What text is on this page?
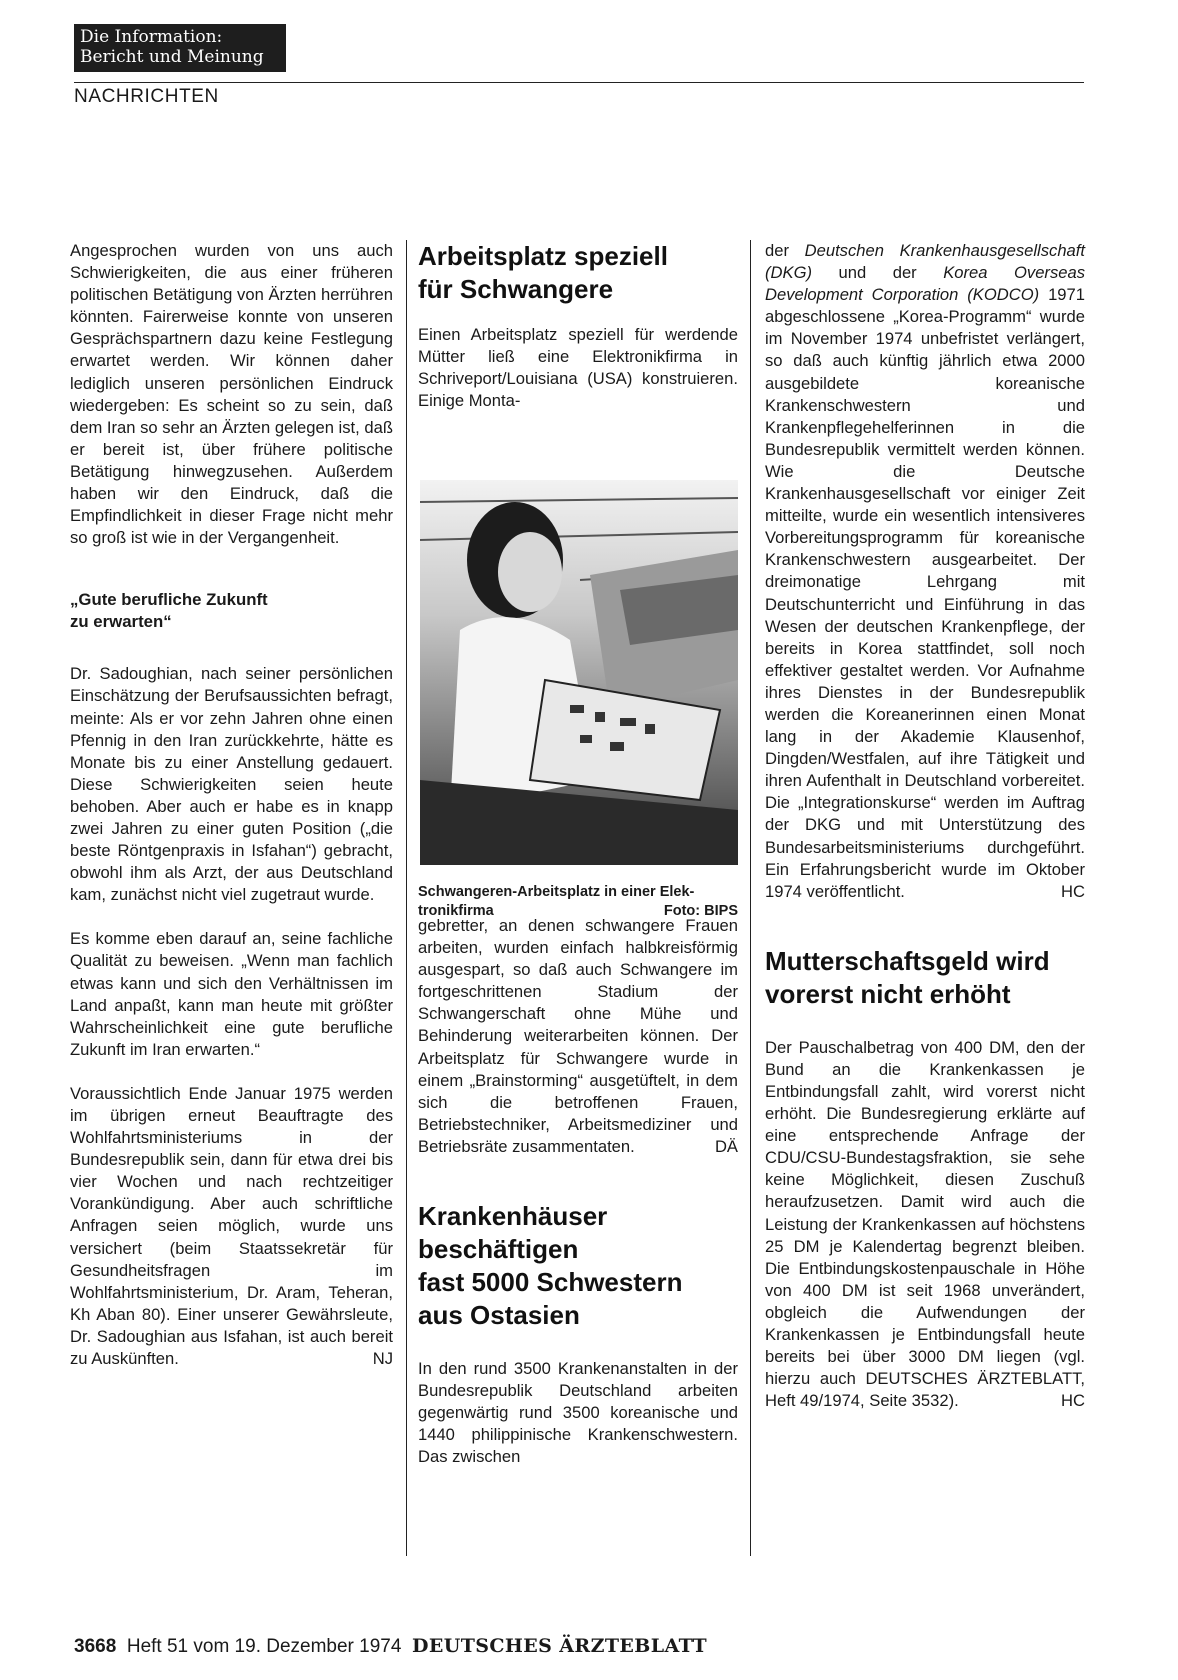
Die Information:
Bericht und Meinung
NACHRICHTEN

Angesprochen wurden von uns auch Schwierigkeiten, die aus einer früheren politischen Betätigung von Ärzten herrühren könnten. Fairerweise konnte von unseren Gesprächspartnern dazu keine Festlegung erwartet werden. Wir können daher lediglich unseren persönlichen Eindruck wiedergeben: Es scheint so zu sein, daß dem Iran so sehr an Ärzten gelegen ist, daß er bereit ist, über frühere politische Betätigung hinwegzusehen. Außerdem haben wir den Eindruck, daß die Empfindlichkeit in dieser Frage nicht mehr so groß ist wie in der Vergangenheit.

„Gute berufliche Zukunft
zu erwarten“

Dr. Sadoughian, nach seiner persönlichen Einschätzung der Berufsaussichten befragt, meinte: Als er vor zehn Jahren ohne einen Pfennig in den Iran zurückkehrte, hätte es Monate bis zu einer Anstellung gedauert. Diese Schwierigkeiten seien heute behoben. Aber auch er habe es in knapp zwei Jahren zu einer guten Position („die beste Röntgenpraxis in Isfahan“) gebracht, obwohl ihm als Arzt, der aus Deutschland kam, zunächst nicht viel zugetraut wurde.

Es komme eben darauf an, seine fachliche Qualität zu beweisen. „Wenn man fachlich etwas kann und sich den Verhältnissen im Land anpaßt, kann man heute mit größter Wahrscheinlichkeit eine gute berufliche Zukunft im Iran erwarten.“

Voraussichtlich Ende Januar 1975 werden im übrigen erneut Beauftragte des Wohlfahrtsministeriums in der Bundesrepublik sein, dann für etwa drei bis vier Wochen und nach rechtzeitiger Vorankündigung. Aber auch schriftliche Anfragen seien möglich, wurde uns versichert (beim Staatssekretär für Gesundheitsfragen im Wohlfahrtsministerium, Dr. Aram, Teheran, Kh Aban 80). Einer unserer Gewährsleute, Dr. Sadoughian aus Isfahan, ist auch bereit zu Auskünften.	NJ

Arbeitsplatz speziell
für Schwangere

Einen Arbeitsplatz speziell für werdende Mütter ließ eine Elektronikfirma in Schriveport/Louisiana (USA) konstruieren. Einige Monta-

Schwangeren-Arbeitsplatz in einer Elek-
tronikfirma	Foto: BIPS

gebretter, an denen schwangere Frauen arbeiten, wurden einfach halbkreisförmig ausgespart, so daß auch Schwangere im fortgeschrittenen Stadium der Schwangerschaft ohne Mühe und Behinderung weiterarbeiten können. Der Arbeitsplatz für Schwangere wurde in einem „Brainstorming“ ausgetüftelt, in dem sich die betroffenen Frauen, Betriebstechniker, Arbeitsmediziner und Betriebsräte zusammentaten.	DÄ

Krankenhäuser
beschäftigen
fast 5000 Schwestern
aus Ostasien

In den rund 3500 Krankenanstalten in der Bundesrepublik Deutschland arbeiten gegenwärtig rund 3500 koreanische und 1440 philippinische Krankenschwestern. Das zwischen

der Deutschen Krankenhausgesellschaft (DKG) und der Korea Overseas Development Corporation (KODCO) 1971 abgeschlossene „Korea-Programm“ wurde im November 1974 unbefristet verlängert, so daß auch künftig jährlich etwa 2000 ausgebildete koreanische Krankenschwestern und Krankenpflegehelferinnen in die Bundesrepublik vermittelt werden können. Wie die Deutsche Krankenhausgesellschaft vor einiger Zeit mitteilte, wurde ein wesentlich intensiveres Vorbereitungsprogramm für koreanische Krankenschwestern ausgearbeitet. Der dreimonatige Lehrgang mit Deutschunterricht und Einführung in das Wesen der deutschen Krankenpflege, der bereits in Korea stattfindet, soll noch effektiver gestaltet werden. Vor Aufnahme ihres Dienstes in der Bundesrepublik werden die Koreanerinnen einen Monat lang in der Akademie Klausenhof, Dingden/Westfalen, auf ihre Tätigkeit und ihren Aufenthalt in Deutschland vorbereitet. Die „Integrationskurse“ werden im Auftrag der DKG und mit Unterstützung des Bundesarbeitsministeriums durchgeführt. Ein Erfahrungsbericht wurde im Oktober 1974 veröffentlicht.	HC

Mutterschaftsgeld wird
vorerst nicht erhöht

Der Pauschalbetrag von 400 DM, den der Bund an die Krankenkassen je Entbindungsfall zahlt, wird vorerst nicht erhöht. Die Bundesregierung erklärte auf eine entsprechende Anfrage der CDU/CSU-Bundestagsfraktion, sie sehe keine Möglichkeit, diesen Zuschuß heraufzusetzen. Damit wird auch die Leistung der Krankenkassen auf höchstens 25 DM je Kalendertag begrenzt bleiben. Die Entbindungskostenpauschale in Höhe von 400 DM ist seit 1968 unverändert, obgleich die Aufwendungen der Krankenkassen je Entbindungsfall heute bereits bei über 3000 DM liegen (vgl. hierzu auch DEUTSCHES ÄRZTEBLATT, Heft 49/1974, Seite 3532).	HC

3668 Heft 51 vom 19. Dezember 1974 DEUTSCHES ÄRZTEBLATT
